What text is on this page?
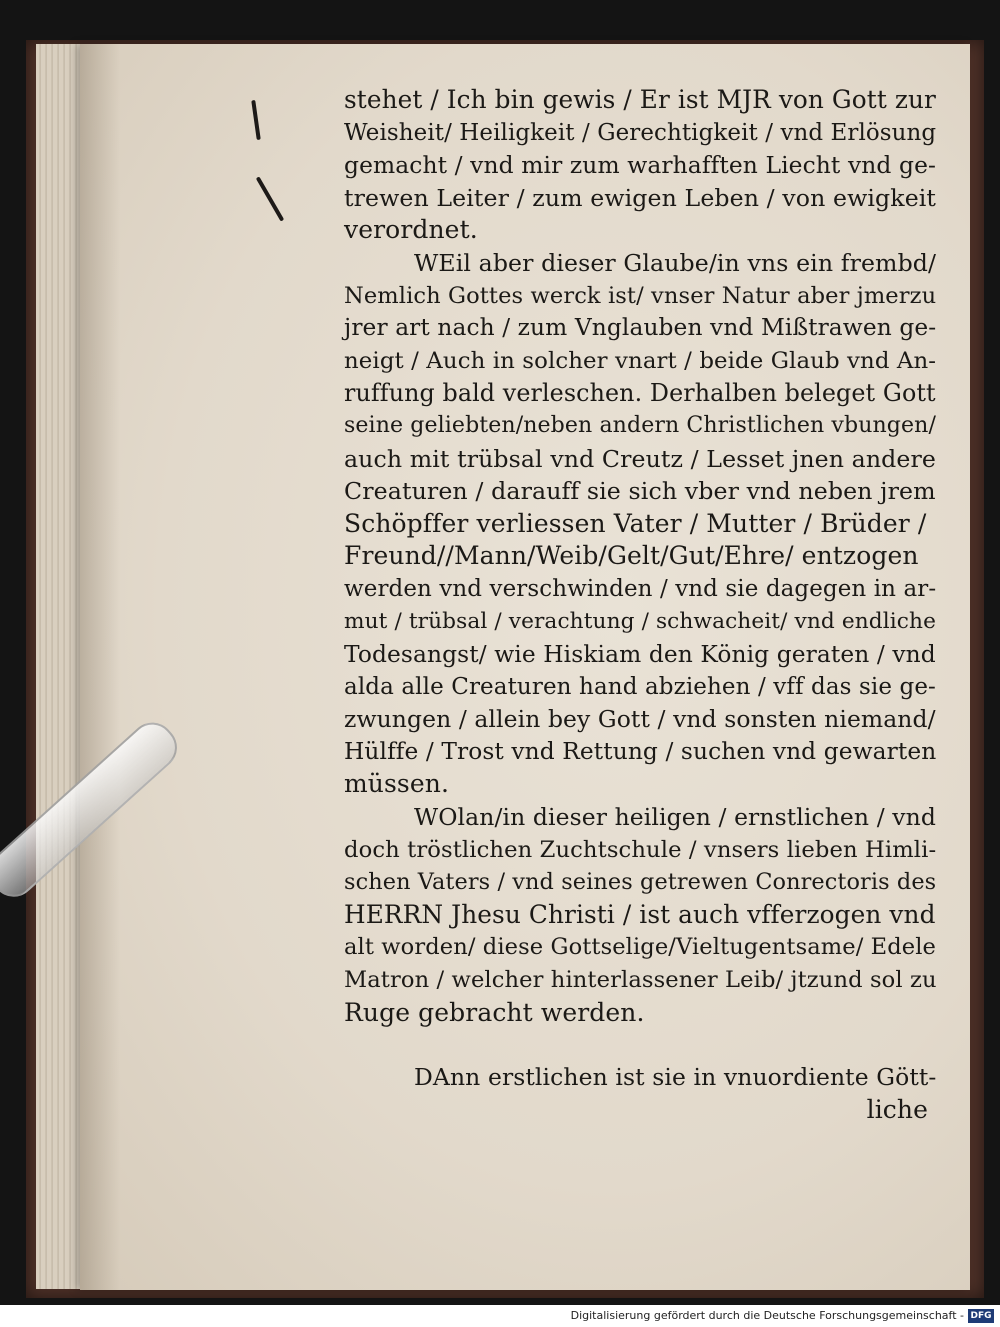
stehet / Ich bin gewis / Er ist MJR von Gott zur
Weisheit/ Heiligkeit / Gerechtigkeit / vnd Erlösung
gemacht / vnd mir zum warhafften Liecht vnd ge-
trewen Leiter / zum ewigen Leben / von ewigkeit
verordnet.
WEil aber dieser Glaube/in vns ein frembd/
Nemlich Gottes werck ist/ vnser Natur aber jmerzu
jrer art nach / zum Vnglauben vnd Mißtrawen ge-
neigt / Auch in solcher vnart / beide Glaub vnd An-
ruffung bald verleschen. Derhalben beleget Gott
seine geliebten/neben andern Christlichen vbungen/
auch mit trübsal vnd Creutz / Lesset jnen andere
Creaturen / darauff sie sich vber vnd neben jrem
Schöpffer verliessen Vater / Mutter / Brüder /
Freund//Mann/Weib/Gelt/Gut/Ehre/ entzogen
werden vnd verschwinden / vnd sie dagegen in ar-
mut / trübsal / verachtung / schwacheit/ vnd endliche
Todesangst/ wie Hiskiam den König geraten / vnd
alda alle Creaturen hand abziehen / vff das sie ge-
zwungen / allein bey Gott / vnd sonsten niemand/
Hülffe / Trost vnd Rettung / suchen vnd gewarten
müssen.
WOlan/in dieser heiligen / ernstlichen / vnd
doch tröstlichen Zuchtschule / vnsers lieben Himli-
schen Vaters / vnd seines getrewen Conrectoris des
HERRN Jhesu Christi / ist auch vfferzogen vnd
alt worden/ diese Gottselige/Vieltugentsame/ Edele
Matron / welcher hinterlassener Leib/ jtzund sol zu
Ruge gebracht werden.
DAnn erstlichen ist sie in vnuordiente Gött-
liche
Digitalisierung gefördert durch die Deutsche Forschungsgemeinschaft - DFG
